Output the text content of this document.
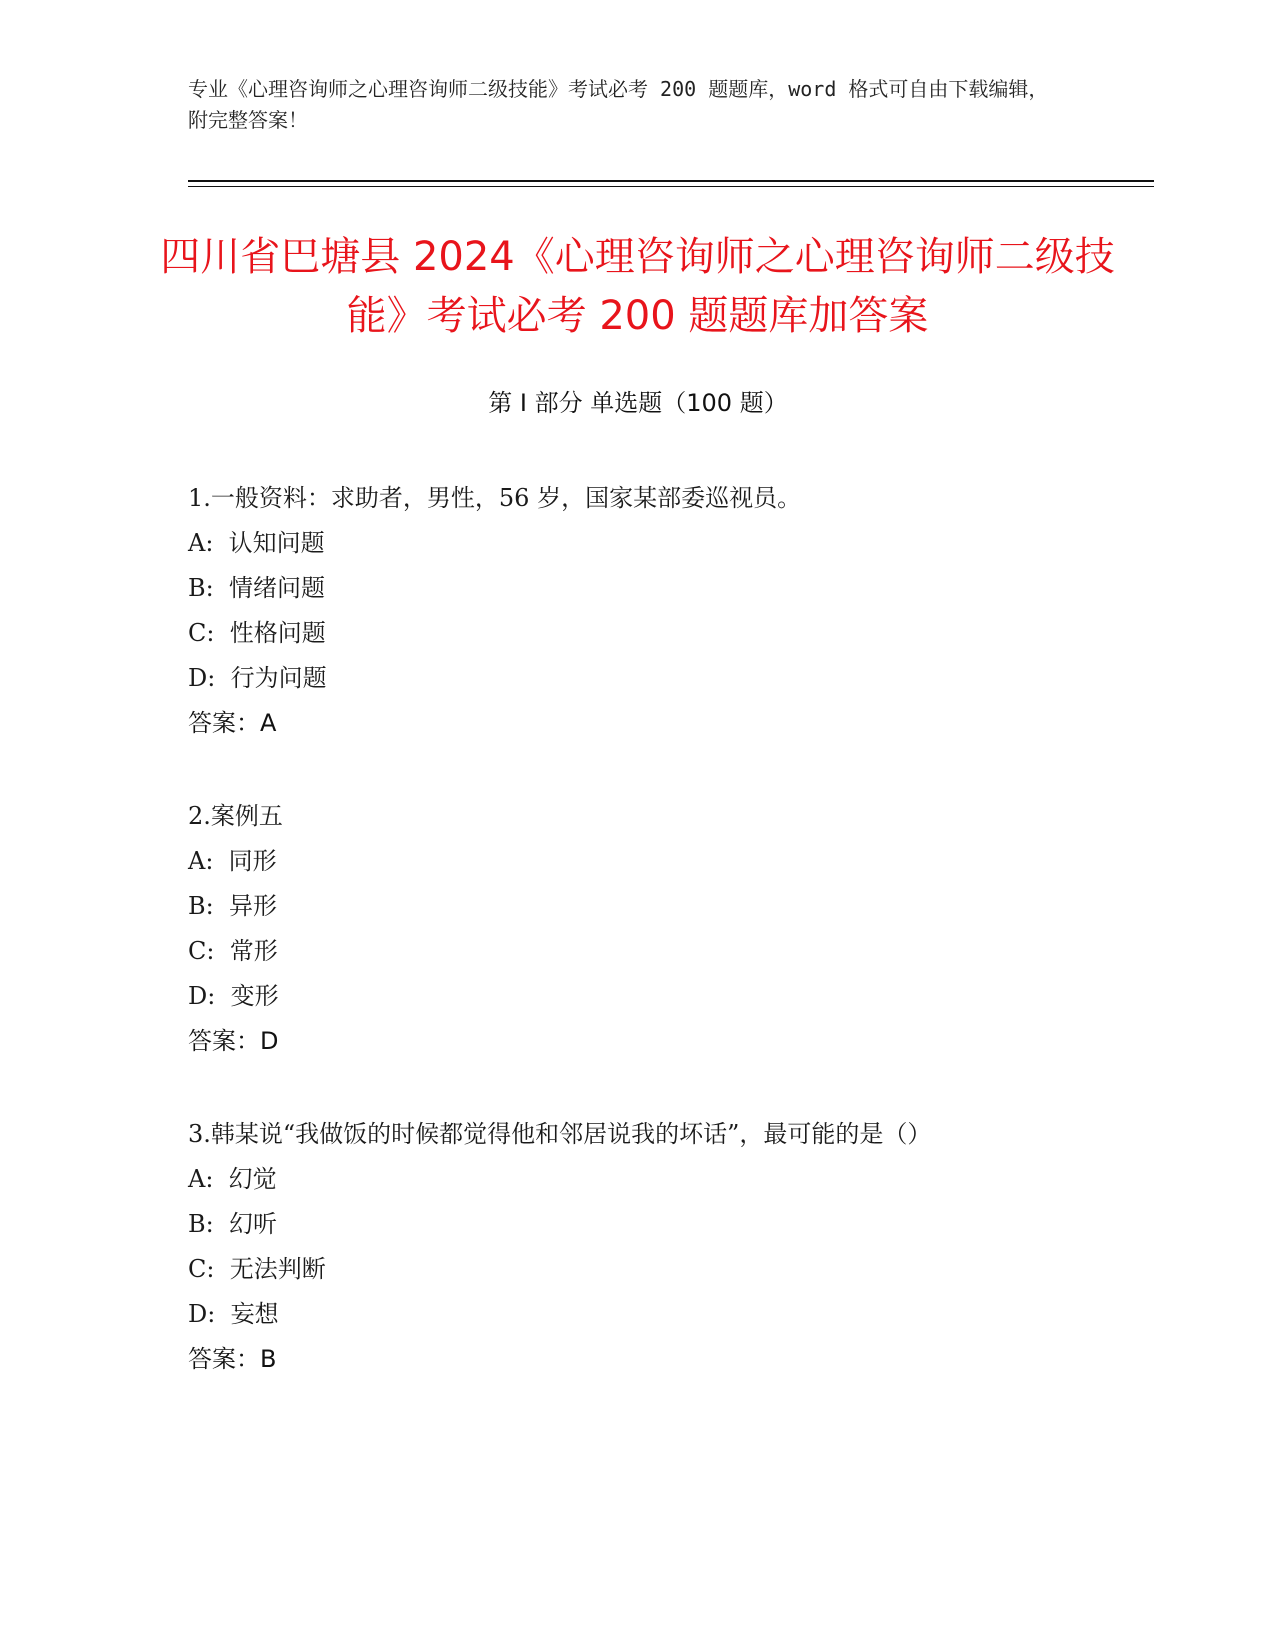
专业《心理咨询师之心理咨询师二级技能》考试必考 200 题题库，word 格式可自由下载编辑，附完整答案！
四川省巴塘县 2024《心理咨询师之心理咨询师二级技能》考试必考 200 题题库加答案
第 I 部分 单选题（100 题）
1.一般资料：求助者，男性，56 岁，国家某部委巡视员。
A:  认知问题
B:  情绪问题
C:  性格问题
D:  行为问题
答案：A
2.案例五
A:  同形
B:  异形
C:  常形
D:  变形
答案：D
3.韩某说“我做饭的时候都觉得他和邻居说我的坏话”，最可能的是（）
A:  幻觉
B:  幻听
C:  无法判断
D:  妄想
答案：B
